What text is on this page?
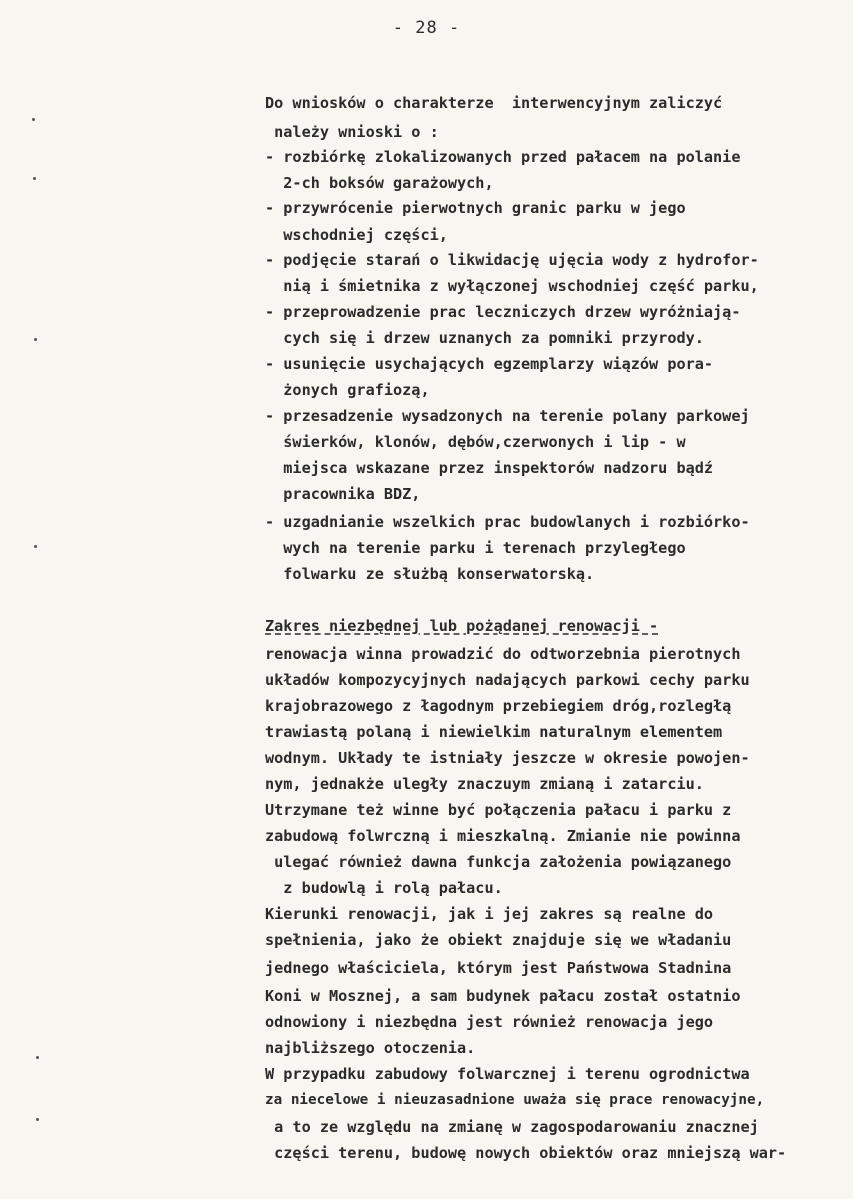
- 28 -
Do wniosków o charakterze  interwencyjnym zaliczyć
należy wnioski o :
- rozbiórkę zlokalizowanych przed pałacem na polanie
2-ch boksów garażowych,
- przywrócenie pierwotnych granic parku w jego
wschodniej części,
- podjęcie starań o likwidację ujęcia wody z hydrofor-
nią i śmietnika z wyłączonej wschodniej część parku,
- przeprowadzenie prac leczniczych drzew wyróżniają-
cych się i drzew uznanych za pomniki przyrody.
- usunięcie usychających egzemplarzy wiązów pora-
żonych grafiozą,
- przesadzenie wysadzonych na terenie polany parkowej
świerków, klonów, dębów,czerwonych i lip - w
miejsca wskazane przez inspektorów nadzoru bądź
pracownika BDZ,
- uzgadnianie wszelkich prac budowlanych i rozbiórko-
wych na terenie parku i terenach przyległego
folwarku ze służbą konserwatorską.
Zakres niezbędnej lub pożądanej renowacji -
renowacja winna prowadzić do odtworzebnia pierotnych
układów kompozycyjnych nadających parkowi cechy parku
krajobrazowego z łagodnym przebiegiem dróg,rozległą
trawiastą polaną i niewielkim naturalnym elementem
wodnym. Układy te istniały jeszcze w okresie powojen-
nym, jednakże uległy znaczuym zmianą i zatarciu.
Utrzymane też winne być połączenia pałacu i parku z
zabudową folwrczną i mieszkalną. Zmianie nie powinna
ulegać również dawna funkcja założenia powiązanego
z budowlą i rolą pałacu.
Kierunki renowacji, jak i jej zakres są realne do
spełnienia, jako że obiekt znajduje się we władaniu
jednego właściciela, którym jest Państwowa Stadnina
Koni w Mosznej, a sam budynek pałacu został ostatnio
odnowiony i niezbędna jest również renowacja jego
najbliższego otoczenia.
W przypadku zabudowy folwarcznej i terenu ogrodnictwa
za niecelowe i nieuzasadnione uważa się prace renowacyjne,
a to ze względu na zmianę w zagospodarowaniu znacznej
części terenu, budowę nowych obiektów oraz mniejszą war-
